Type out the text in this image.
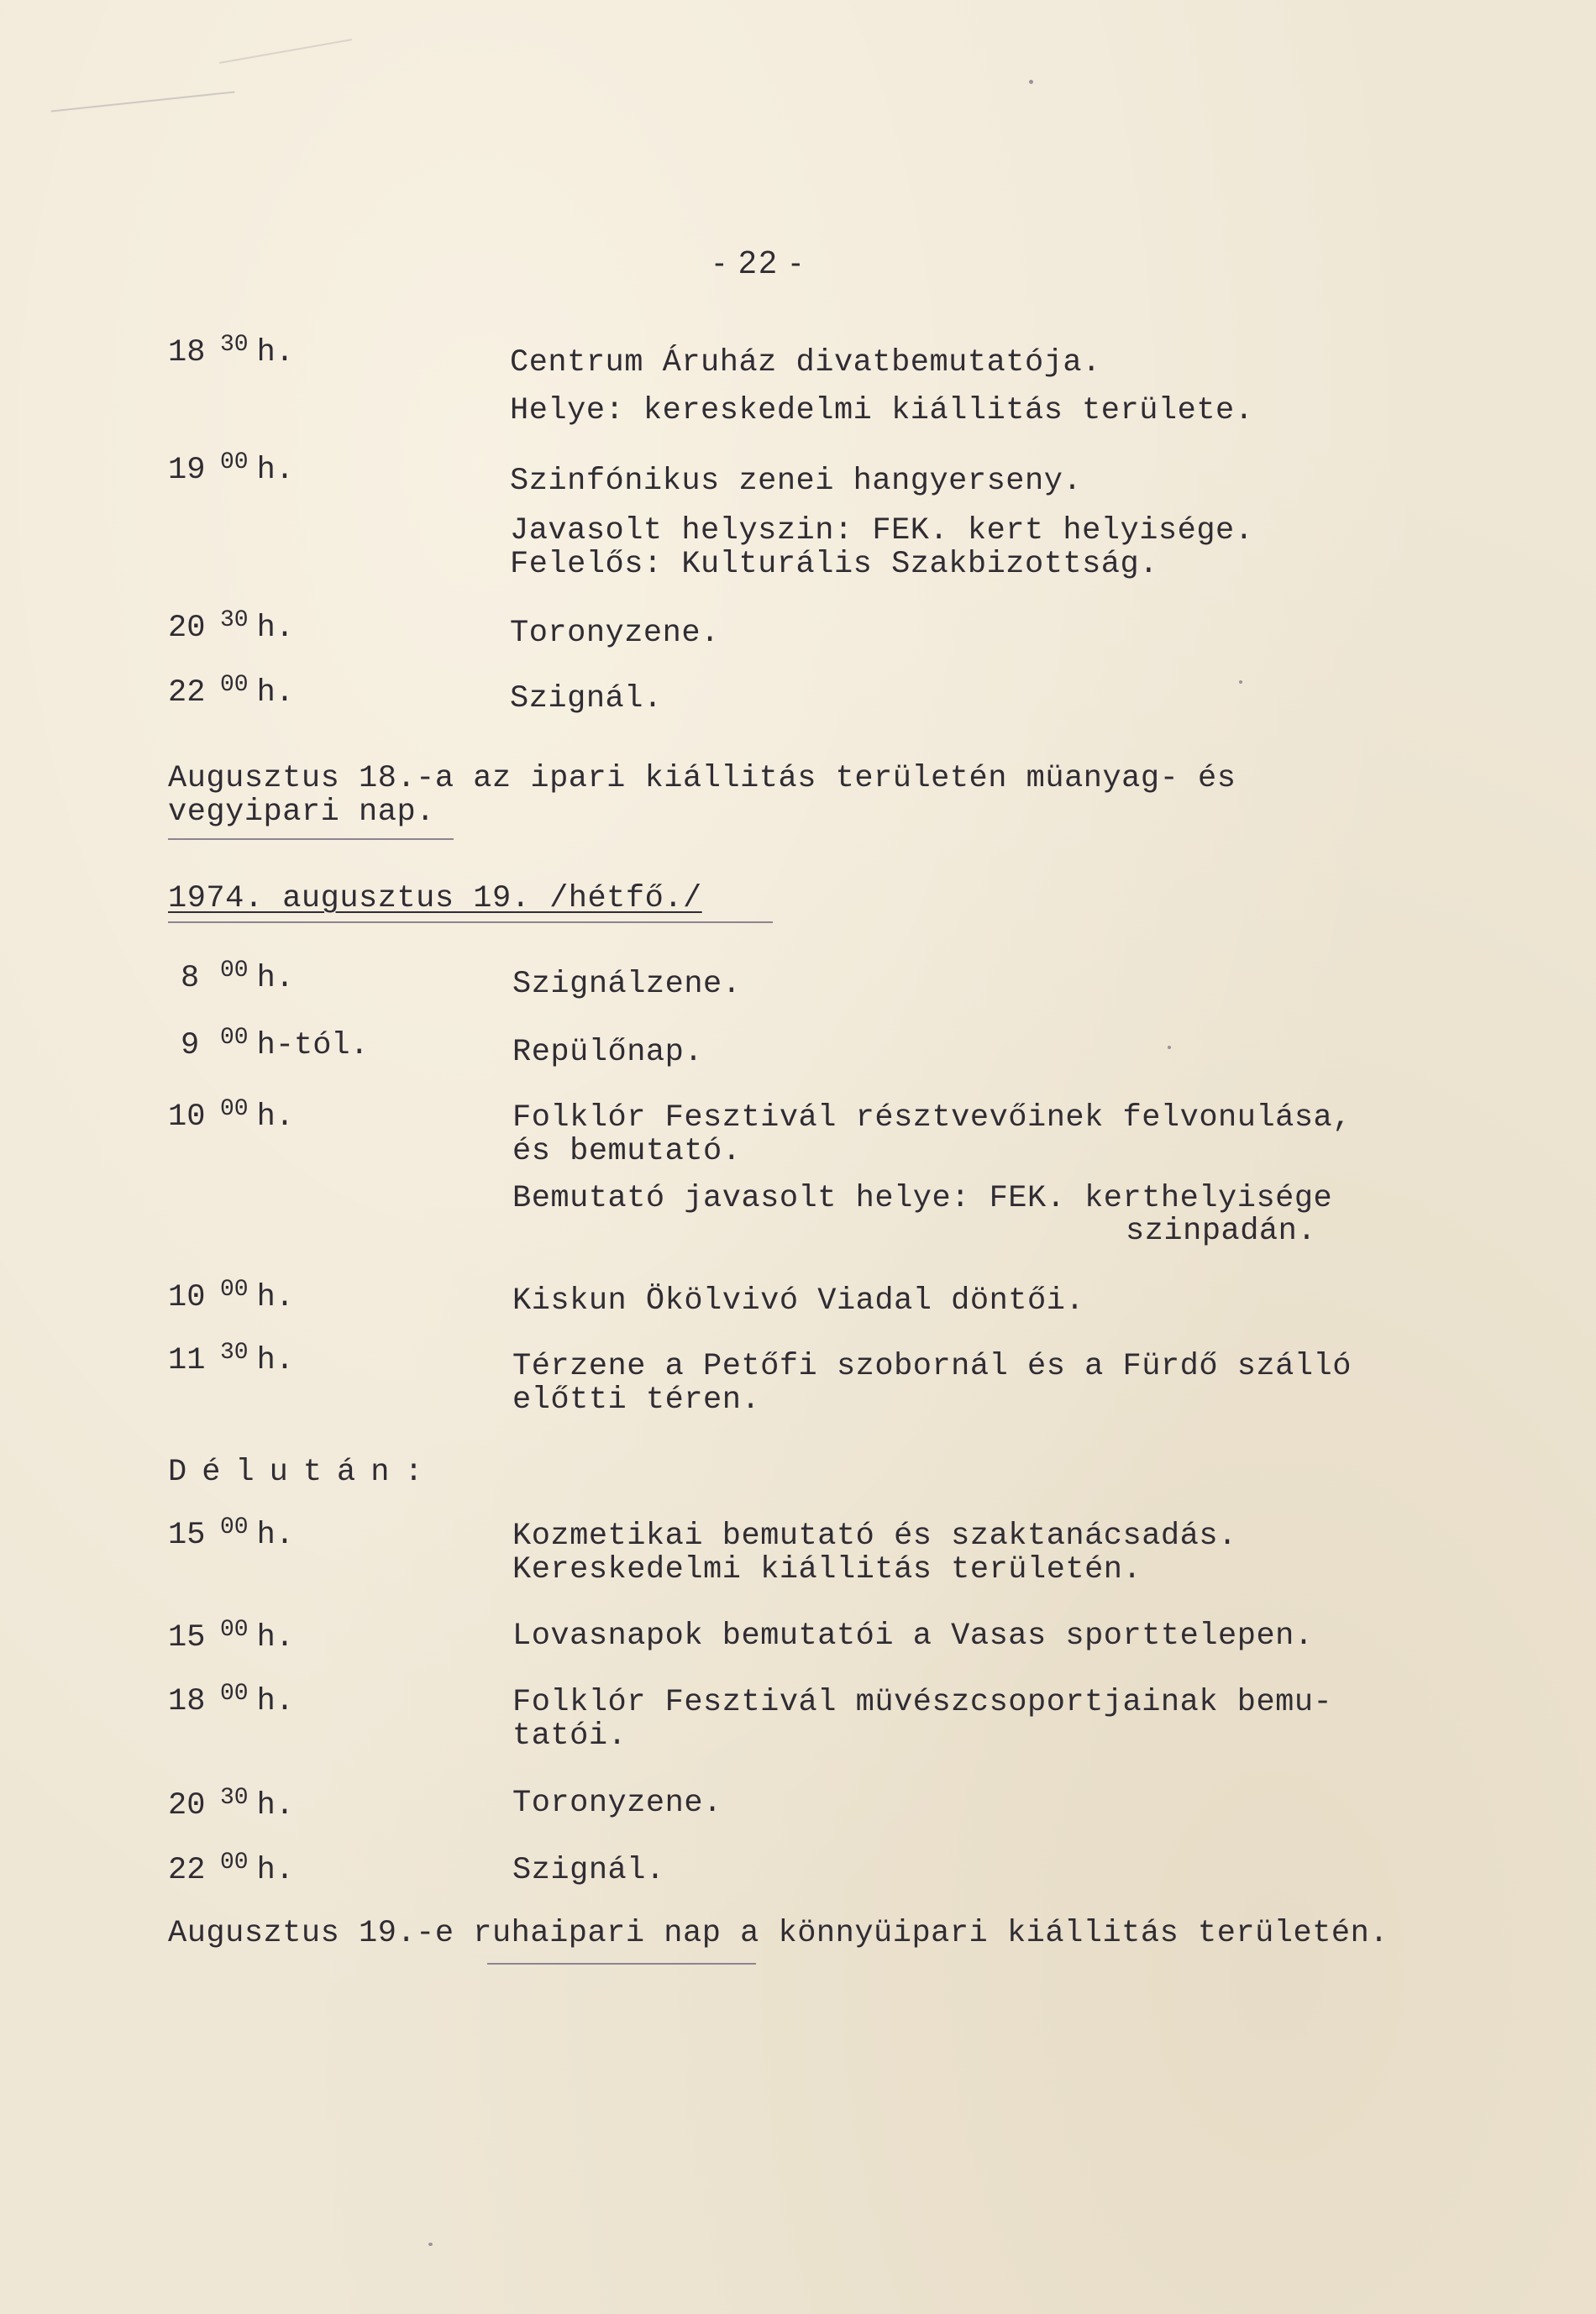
- 22 -
18 $^{30}$ h.	Centrum Áruház divatbemutatója.
Helye: kereskedelmi kiállitás területe.
19 $^{00}$ h.	Szinfónikus zenei hangyerseny.
Javasolt helyszin: FEK. kert helyisége.
Felelős: Kulturális Szakbizottság.
20 $^{30}$ h.	Toronyzene.
22 $^{00}$ h.	Szignál.
Augusztus 18.-a az ipari kiállitás területén müanyag- és
vegyipari nap.
1974. augusztus 19. /hétfő./
8 $^{00}$ h.	Szignálzene.
9 $^{00}$ h-tól.	Repülőnap.
10 $^{00}$ h.	Folklór Fesztivál résztvevőinek felvonulása,
és bemutató.
Bemutató javasolt helye: FEK. kerthelyisége
szinpadán.
10 $^{00}$ h.	Kiskun Ökölvivó Viadal döntői.
11 $^{30}$ h.	Térzene a Petőfi szobornál és a Fürdő szálló
előtti téren.
Délután:
15 $^{00}$ h.	Kozmetikai bemutató és szaktanácsadás.
Kereskedelmi kiállitás területén.
15 $^{00}$ h.	Lovasnapok bemutatói a Vasas sporttelepen.
18 $^{00}$ h.	Folklór Fesztivál müvészcsoportjainak bemu-
tatói.
20 $^{30}$ h.	Toronyzene.
22 $^{00}$ h.	Szignál.
Augusztus 19.-e ruhaipari nap a könnyüipari kiállitás területén.
